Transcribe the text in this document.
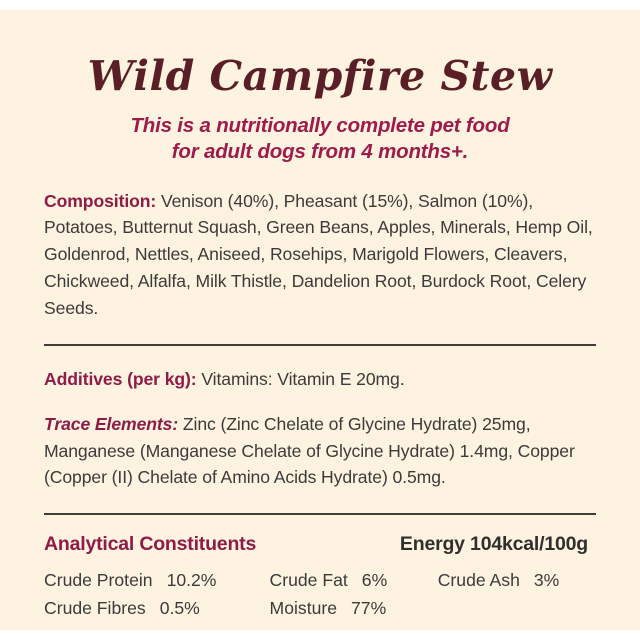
Wild Campfire Stew
This is a nutritionally complete pet food
for adult dogs from 4 months+.

Composition: Venison (40%), Pheasant (15%), Salmon (10%), Potatoes, Butternut Squash, Green Beans, Apples, Minerals, Hemp Oil, Goldenrod, Nettles, Aniseed, Rosehips, Marigold Flowers, Cleavers, Chickweed, Alfalfa, Milk Thistle, Dandelion Root, Burdock Root, Celery Seeds.

Additives (per kg): Vitamins: Vitamin E 20mg.

Trace Elements: Zinc (Zinc Chelate of Glycine Hydrate) 25mg, Manganese (Manganese Chelate of Glycine Hydrate) 1.4mg, Copper (Copper (II) Chelate of Amino Acids Hydrate) 0.5mg.

Analytical Constituents	Energy 104kcal/100g
Crude Protein 10.2%	Crude Fat 6%	Crude Ash 3%
Crude Fibres 0.5%	Moisture 77%
